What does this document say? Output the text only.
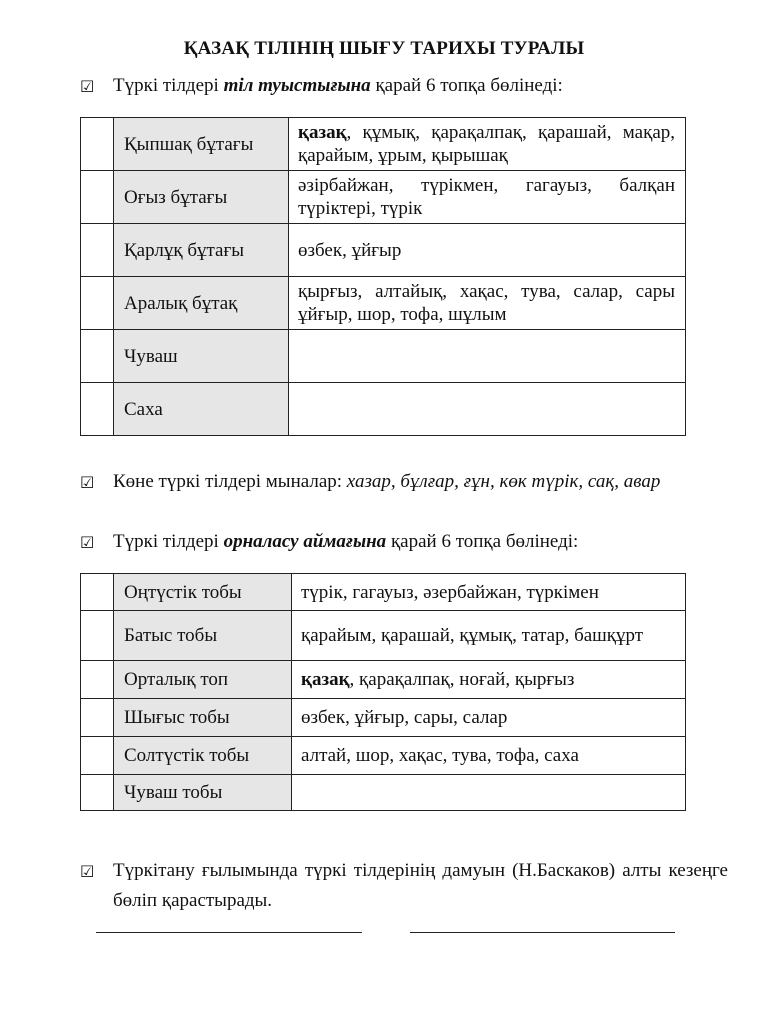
ҚАЗАҚ ТІЛІНІҢ ШЫҒУ ТАРИХЫ ТУРАЛЫ
☑ Түркі тілдері тіл туыстығына қарай 6 топқа бөлінеді:
	Қыпшақ бұтағы	қазақ, құмық, қарақалпақ, қарашай, мақар, қарайым, ұрым, қырышақ
	Оғыз бұтағы	әзірбайжан, түрікмен, гагауыз, балқан түріктері, түрік
	Қарлұқ бұтағы	өзбек, ұйғыр
	Аралық бұтақ	қырғыз, алтайық, хақас, тува, салар, сары ұйғыр, шор, тофа, шұлым
	Чуваш	
	Саха	
☑ Көне түркі тілдері мыналар: хазар, бұлғар, ғұн, көк түрік, сақ, авар
☑ Түркі тілдері орналасу аймағына қарай 6 топқа бөлінеді:
	Оңтүстік тобы	түрік, гагауыз, әзербайжан, түркімен
	Батыс тобы	қарайым, қарашай, құмық, татар, башқұрт
	Орталық топ	қазақ, қарақалпақ, ноғай, қырғыз
	Шығыс тобы	өзбек, ұйғыр, сары, салар
	Солтүстік тобы	алтай, шор, хақас, тува, тофа, саха
	Чуваш тобы	
☑ Түркітану ғылымында түркі тілдерінің дамуын (Н.Баскаков) алты кезеңге бөліп қарастырады.
